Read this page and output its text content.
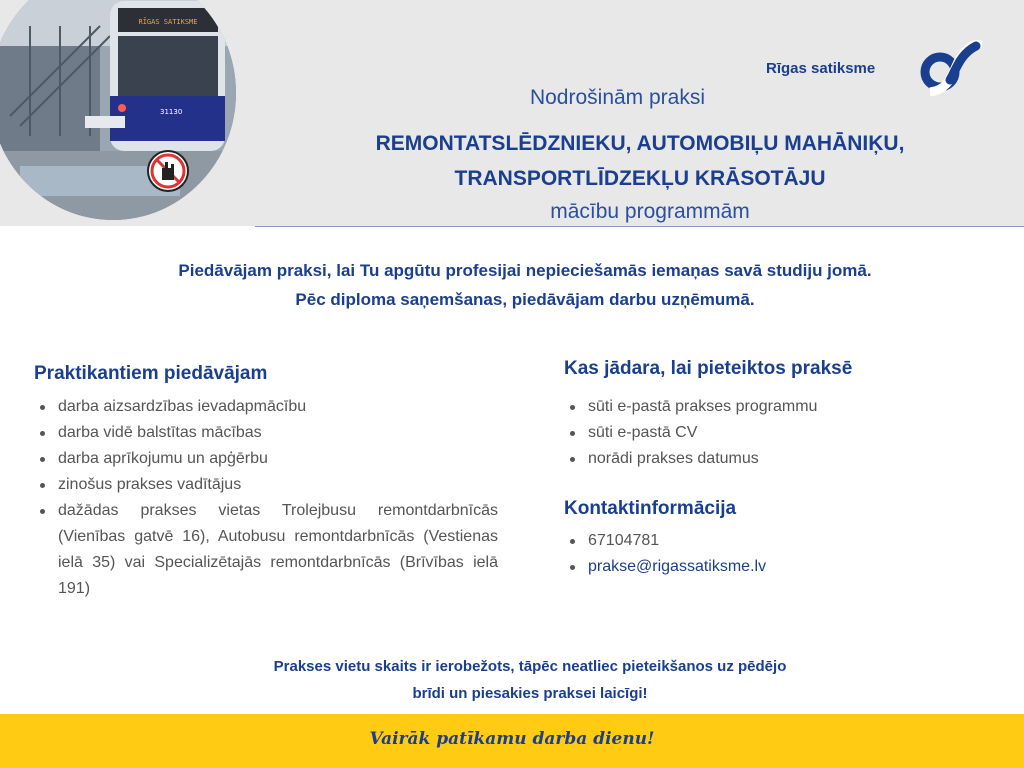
RĪGAS SATIKSME
31130
Rīgas satiksme
Nodrošinām praksi
REMONTATSLĒDZNIEKU, AUTOMOBIĻU MAHĀNIĶU,
TRANSPORTLĪDZEKĻU KRĀSOTĀJU
mācību programmām
Piedāvājam praksi, lai Tu apgūtu profesijai nepieciešamās iemaņas savā studiju jomā.
Pēc diploma saņemšanas, piedāvājam darbu uzņēmumā.
Praktikantiem piedāvājam
darba aizsardzības ievadapmācību
darba vidē balstītas mācības
darba aprīkojumu un apģērbu
zinošus prakses vadītājus
dažādas prakses vietas Trolejbusu remontdarbnīcās (Vienības gatvē 16), Autobusu remontdarbnīcās (Vestienas ielā 35) vai Specializētajās remontdarbnīcās (Brīvības ielā 191)
Kas jādara, lai pieteiktos praksē
sūti e-pastā prakses programmu
sūti e-pastā CV
norādi prakses datumus
Kontaktinformācija
67104781
prakse@rigassatiksme.lv
Prakses vietu skaits ir ierobežots, tāpēc neatliec pieteikšanos uz pēdējo
brīdi un piesakies praksei laicīgi!
Vairāk patīkamu darba dienu!
